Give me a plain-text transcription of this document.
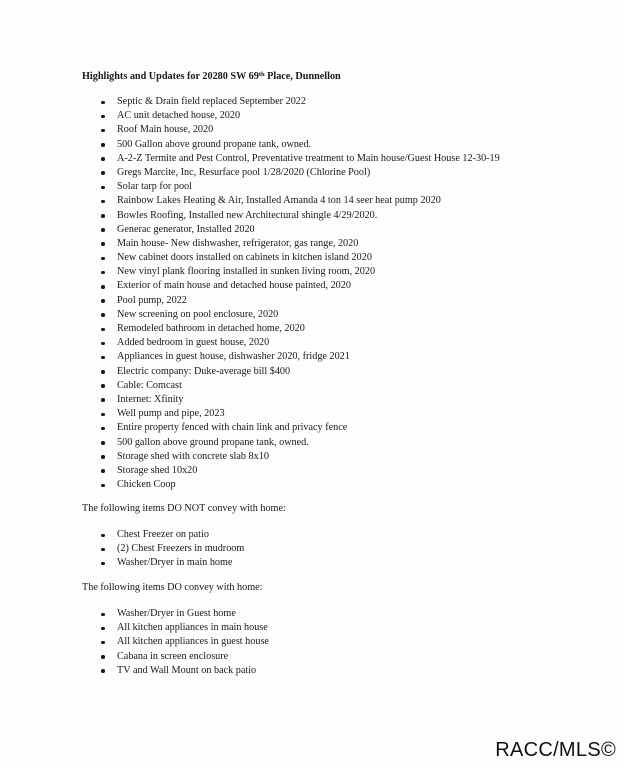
Highlights and Updates for 20280 SW 69th Place, Dunnellon
Septic & Drain field replaced September 2022
AC unit detached house, 2020
Roof Main house, 2020
500 Gallon above ground propane tank, owned.
A-2-Z Termite and Pest Control, Preventative treatment to Main house/Guest House 12-30-19
Gregs Marcite, Inc, Resurface pool 1/28/2020 (Chlorine Pool)
Solar tarp for pool
Rainbow Lakes Heating & Air, Installed Amanda 4 ton 14 seer heat pump 2020
Bowles Roofing, Installed new Architectural shingle 4/29/2020.
Generac generator, Installed 2020
Main house- New dishwasher, refrigerator, gas range, 2020
New cabinet doors installed on cabinets in kitchen island 2020
New vinyl plank flooring installed in sunken living room, 2020
Exterior of main house and detached house painted, 2020
Pool pump, 2022
New screening on pool enclosure, 2020
Remodeled bathroom in detached home, 2020
Added bedroom in guest house, 2020
Appliances in guest house, dishwasher 2020, fridge 2021
Electric company: Duke-average bill $400
Cable: Comcast
Internet: Xfinity
Well pump and pipe, 2023
Entire property fenced with chain link and privacy fence
500 gallon above ground propane tank, owned.
Storage shed with concrete slab 8x10
Storage shed 10x20
Chicken Coop
The following items DO NOT convey with home:
Chest Freezer on patio
(2) Chest Freezers in mudroom
Washer/Dryer in main home
The following items DO convey with home:
Washer/Dryer in Guest home
All kitchen appliances in main house
All kitchen appliances in guest house
Cabana in screen enclosure
TV and Wall Mount on back patio
RACC/MLS©
